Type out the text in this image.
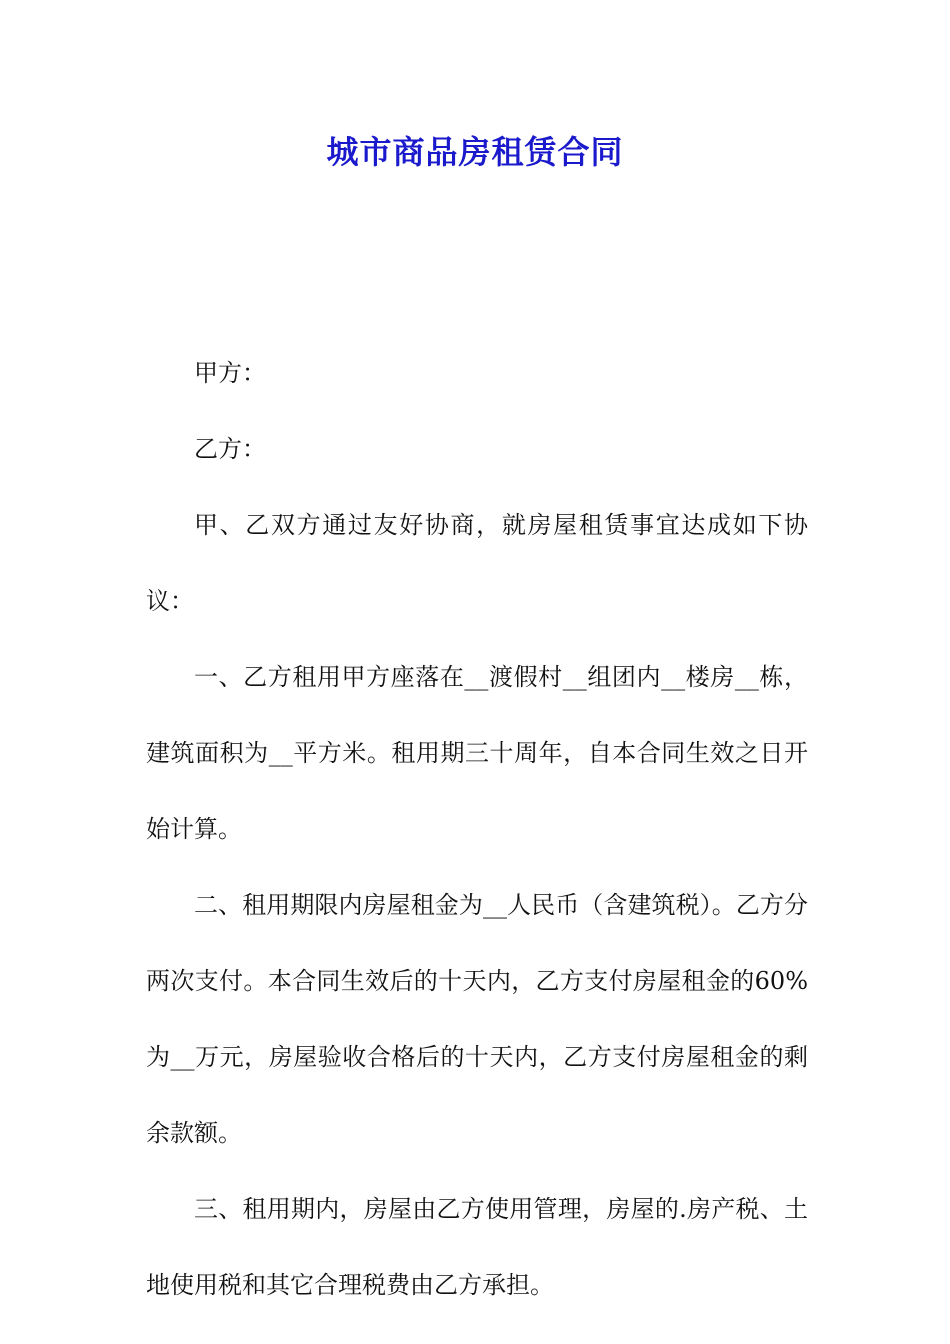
城市商品房租赁合同

甲方：

乙方：

甲、乙双方通过友好协商，就房屋租赁事宜达成如下协议：

一、乙方租用甲方座落在__渡假村__组团内__楼房__栋，建筑面积为__平方米。租用期三十周年，自本合同生效之日开始计算。

二、租用期限内房屋租金为__人民币（含建筑税）。乙方分两次支付。本合同生效后的十天内，乙方支付房屋租金的60%为__万元，房屋验收合格后的十天内，乙方支付房屋租金的剩余款额。

三、租用期内，房屋由乙方使用管理，房屋的.房产税、土地使用税和其它合理税费由乙方承担。
